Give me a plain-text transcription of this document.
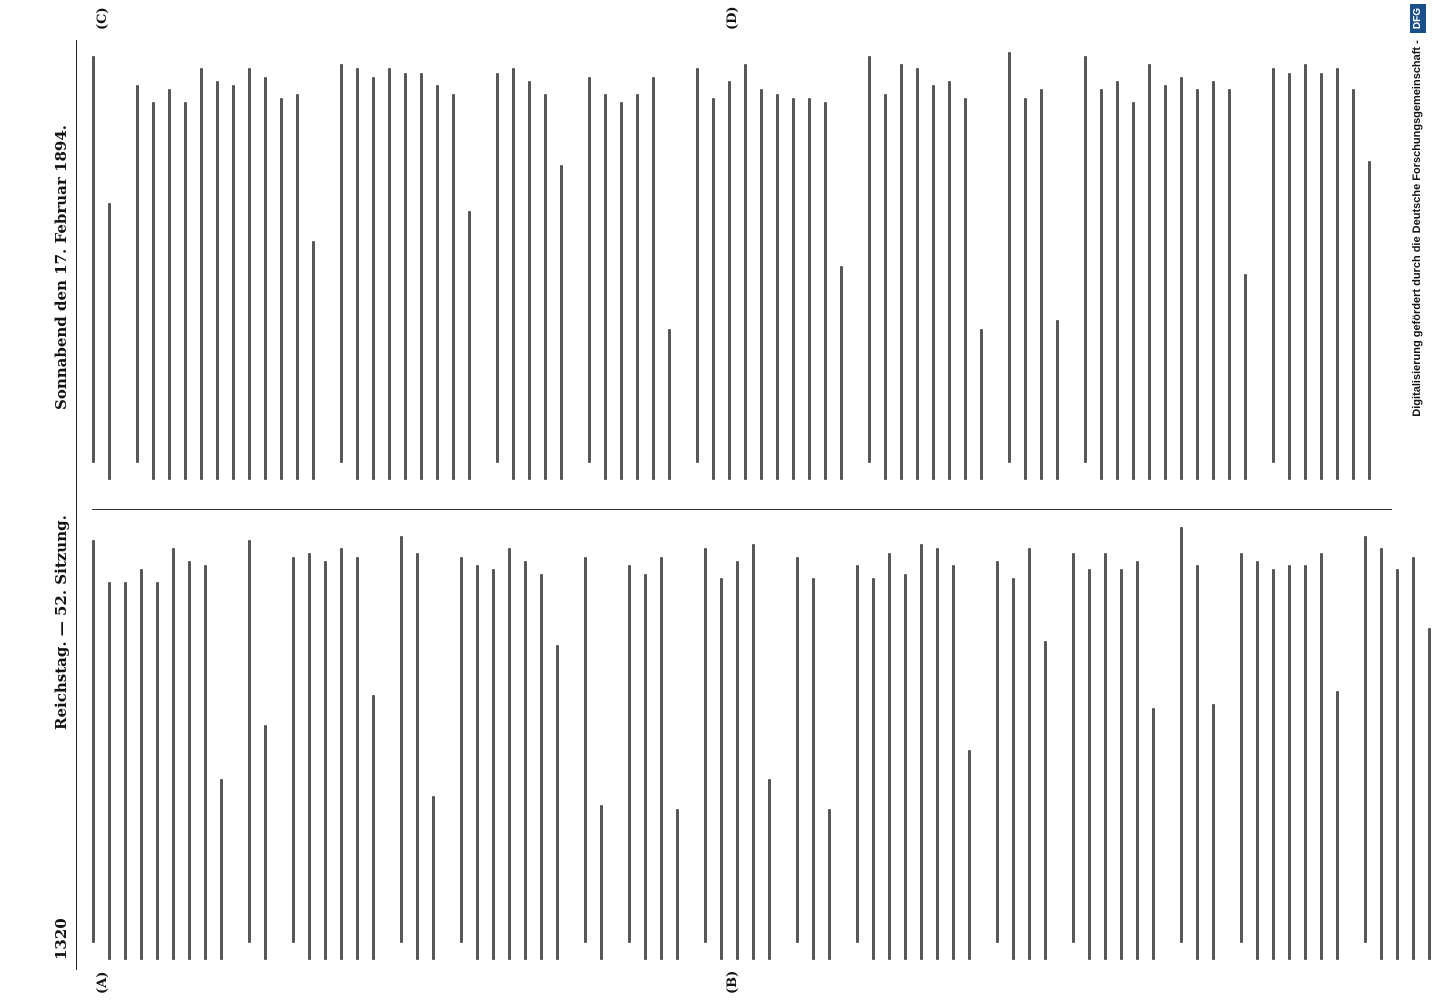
1320
Reichstag. — 52. Sitzung.
Sonnabend den 17. Februar 1894.
(A)	(B)
(C)	(D)
Digitalisierung gefördert durch die Deutsche Forschungsgemeinschaft - DFG
